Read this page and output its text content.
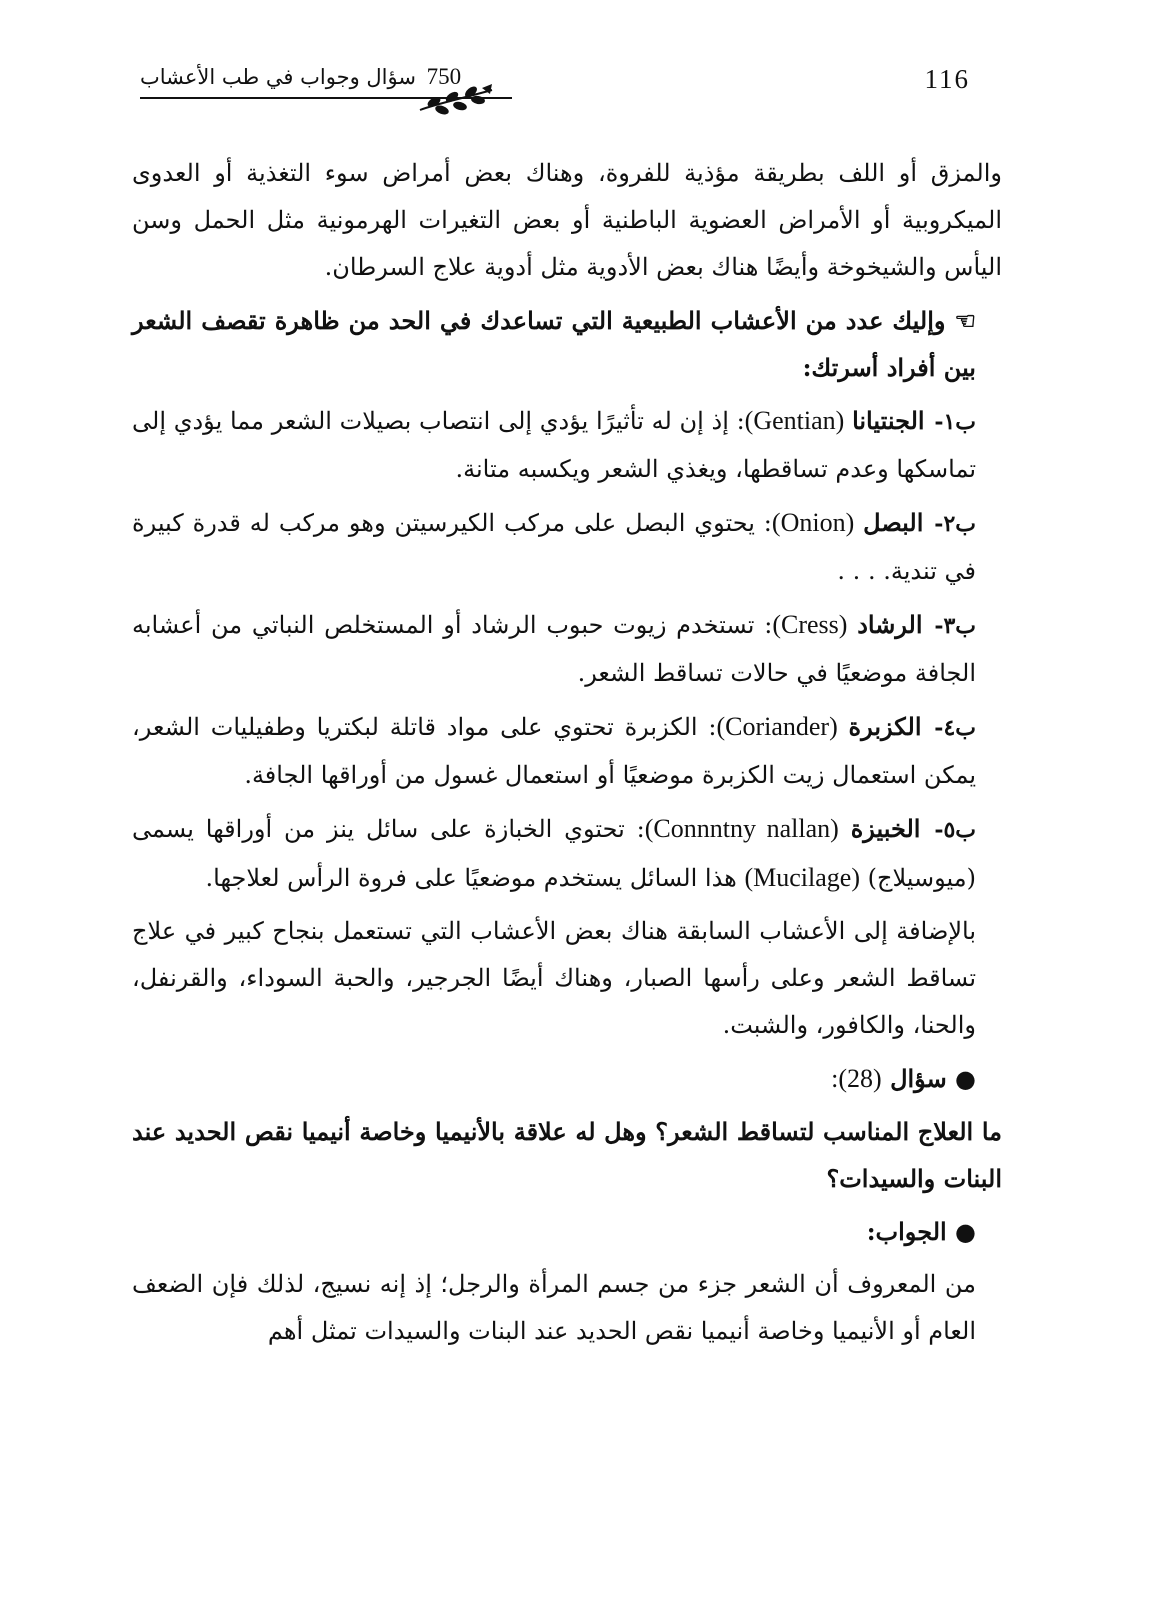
116
750 سؤال وجواب في طب الأعشاب

والمزق أو اللف بطريقة مؤذية للفروة، وهناك بعض أمراض سوء التغذية أو العدوى الميكروبية أو الأمراض العضوية الباطنية أو بعض التغيرات الهرمونية مثل الحمل وسن اليأس والشيخوخة وأيضًا هناك بعض الأدوية مثل أدوية علاج السرطان.

☜ وإليك عدد من الأعشاب الطبيعية التي تساعدك في الحد من ظاهرة تقصف الشعر بين أفراد أسرتك:

ب١- الجنتيانا (Gentian): إذ إن له تأثيرًا يؤدي إلى انتصاب بصيلات الشعر مما يؤدي إلى تماسكها وعدم تساقطها، ويغذي الشعر ويكسبه متانة.

ب٢- البصل (Onion): يحتوي البصل على مركب الكيرسيتن وهو مركب له قدرة كبيرة في تندية. . . .

ب٣- الرشاد (Cress): تستخدم زيوت حبوب الرشاد أو المستخلص النباتي من أعشابه الجافة موضعيًا في حالات تساقط الشعر.

ب٤- الكزبرة (Coriander): الكزبرة تحتوي على مواد قاتلة لبكتريا وطفيليات الشعر، يمكن استعمال زيت الكزبرة موضعيًا أو استعمال غسول من أوراقها الجافة.

ب٥- الخبيزة (Connntny nallan): تحتوي الخبازة على سائل ينز من أوراقها يسمى (ميوسيلاج) (Mucilage) هذا السائل يستخدم موضعيًا على فروة الرأس لعلاجها.

بالإضافة إلى الأعشاب السابقة هناك بعض الأعشاب التي تستعمل بنجاح كبير في علاج تساقط الشعر وعلى رأسها الصبار، وهناك أيضًا الجرجير، والحبة السوداء، والقرنفل، والحنا، والكافور، والشبت.

● سؤال (28):

ما العلاج المناسب لتساقط الشعر؟ وهل له علاقة بالأنيميا وخاصة أنيميا نقص الحديد عند البنات والسيدات؟

● الجواب:

من المعروف أن الشعر جزء من جسم المرأة والرجل؛ إذ إنه نسيج، لذلك فإن الضعف العام أو الأنيميا وخاصة أنيميا نقص الحديد عند البنات والسيدات تمثل أهم
